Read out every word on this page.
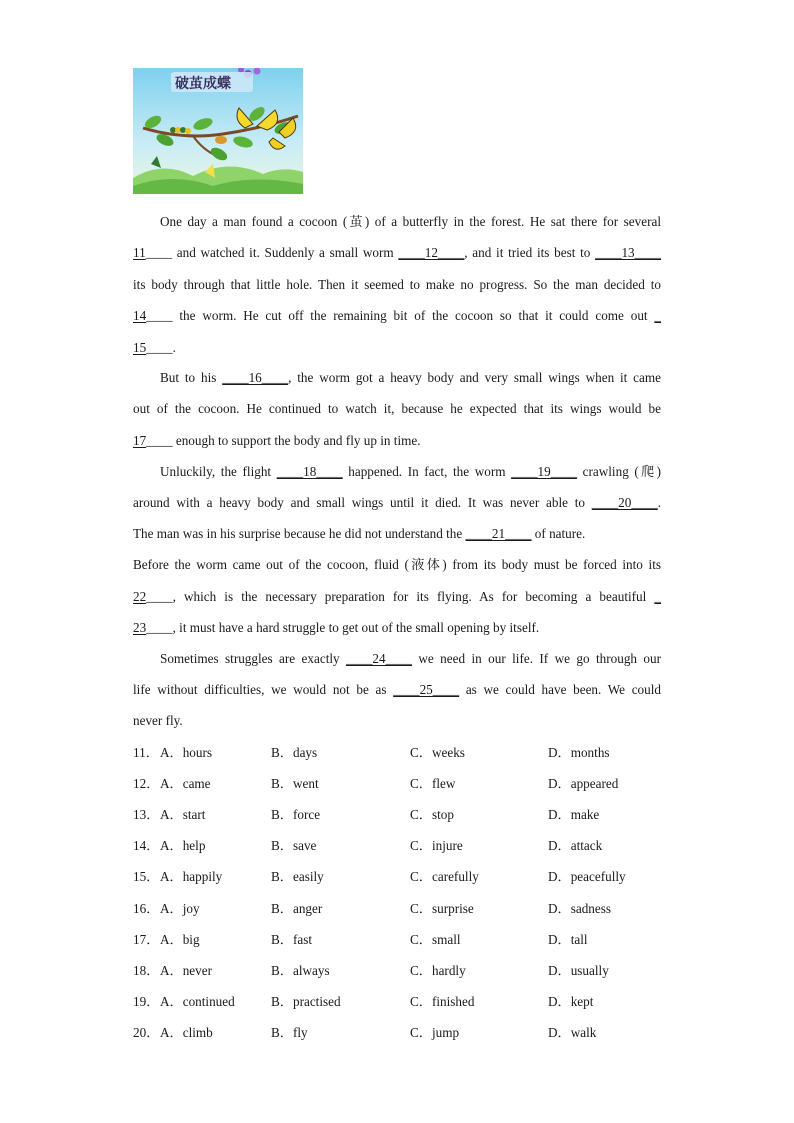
破茧成蝶
One day a man found a cocoon (茧) of a butterfly in the forest. He sat there for several
11____ and watched it. Suddenly a small worm ____12____, and it tried its best to ____13____
its body through that little hole. Then it seemed to make no progress. So the man decided to
14____ the worm. He cut off the remaining bit of the cocoon so that it could come out _
15____.
But to his ____16____, the worm got a heavy body and very small wings when it came
out of the cocoon. He continued to watch it, because he expected that its wings would be
17____ enough to support the body and fly up in time.
Unluckily, the flight ____18____ happened. In fact, the worm ____19____ crawling (爬)
around with a heavy body and small wings until it died. It was never able to ____20____.
The man was in his surprise because he did not understand the ____21____ of nature.
Before the worm came out of the cocoon, fluid (液体) from its body must be forced into its
22____, which is the necessary preparation for its flying. As for becoming a beautiful _
23____, it must have a hard struggle to get out of the small opening by itself.
Sometimes struggles are exactly ____24____ we need in our life. If we go through our
life without difficulties, we would not be as ____25____ as we could have been. We could
never fly.
11． A．hours	B．days	C．weeks	D．months
12． A．came	B．went	C．flew	D．appeared
13． A．start	B．force	C．stop	D．make
14． A．help	B．save	C．injure	D．attack
15． A．happily	B．easily	C．carefully	D．peacefully
16． A．joy	B．anger	C．surprise	D．sadness
17． A．big	B．fast	C．small	D．tall
18． A．never	B．always	C．hardly	D．usually
19． A．continued	B．practised	C．finished	D．kept
20． A．climb	B．fly	C．jump	D．walk
